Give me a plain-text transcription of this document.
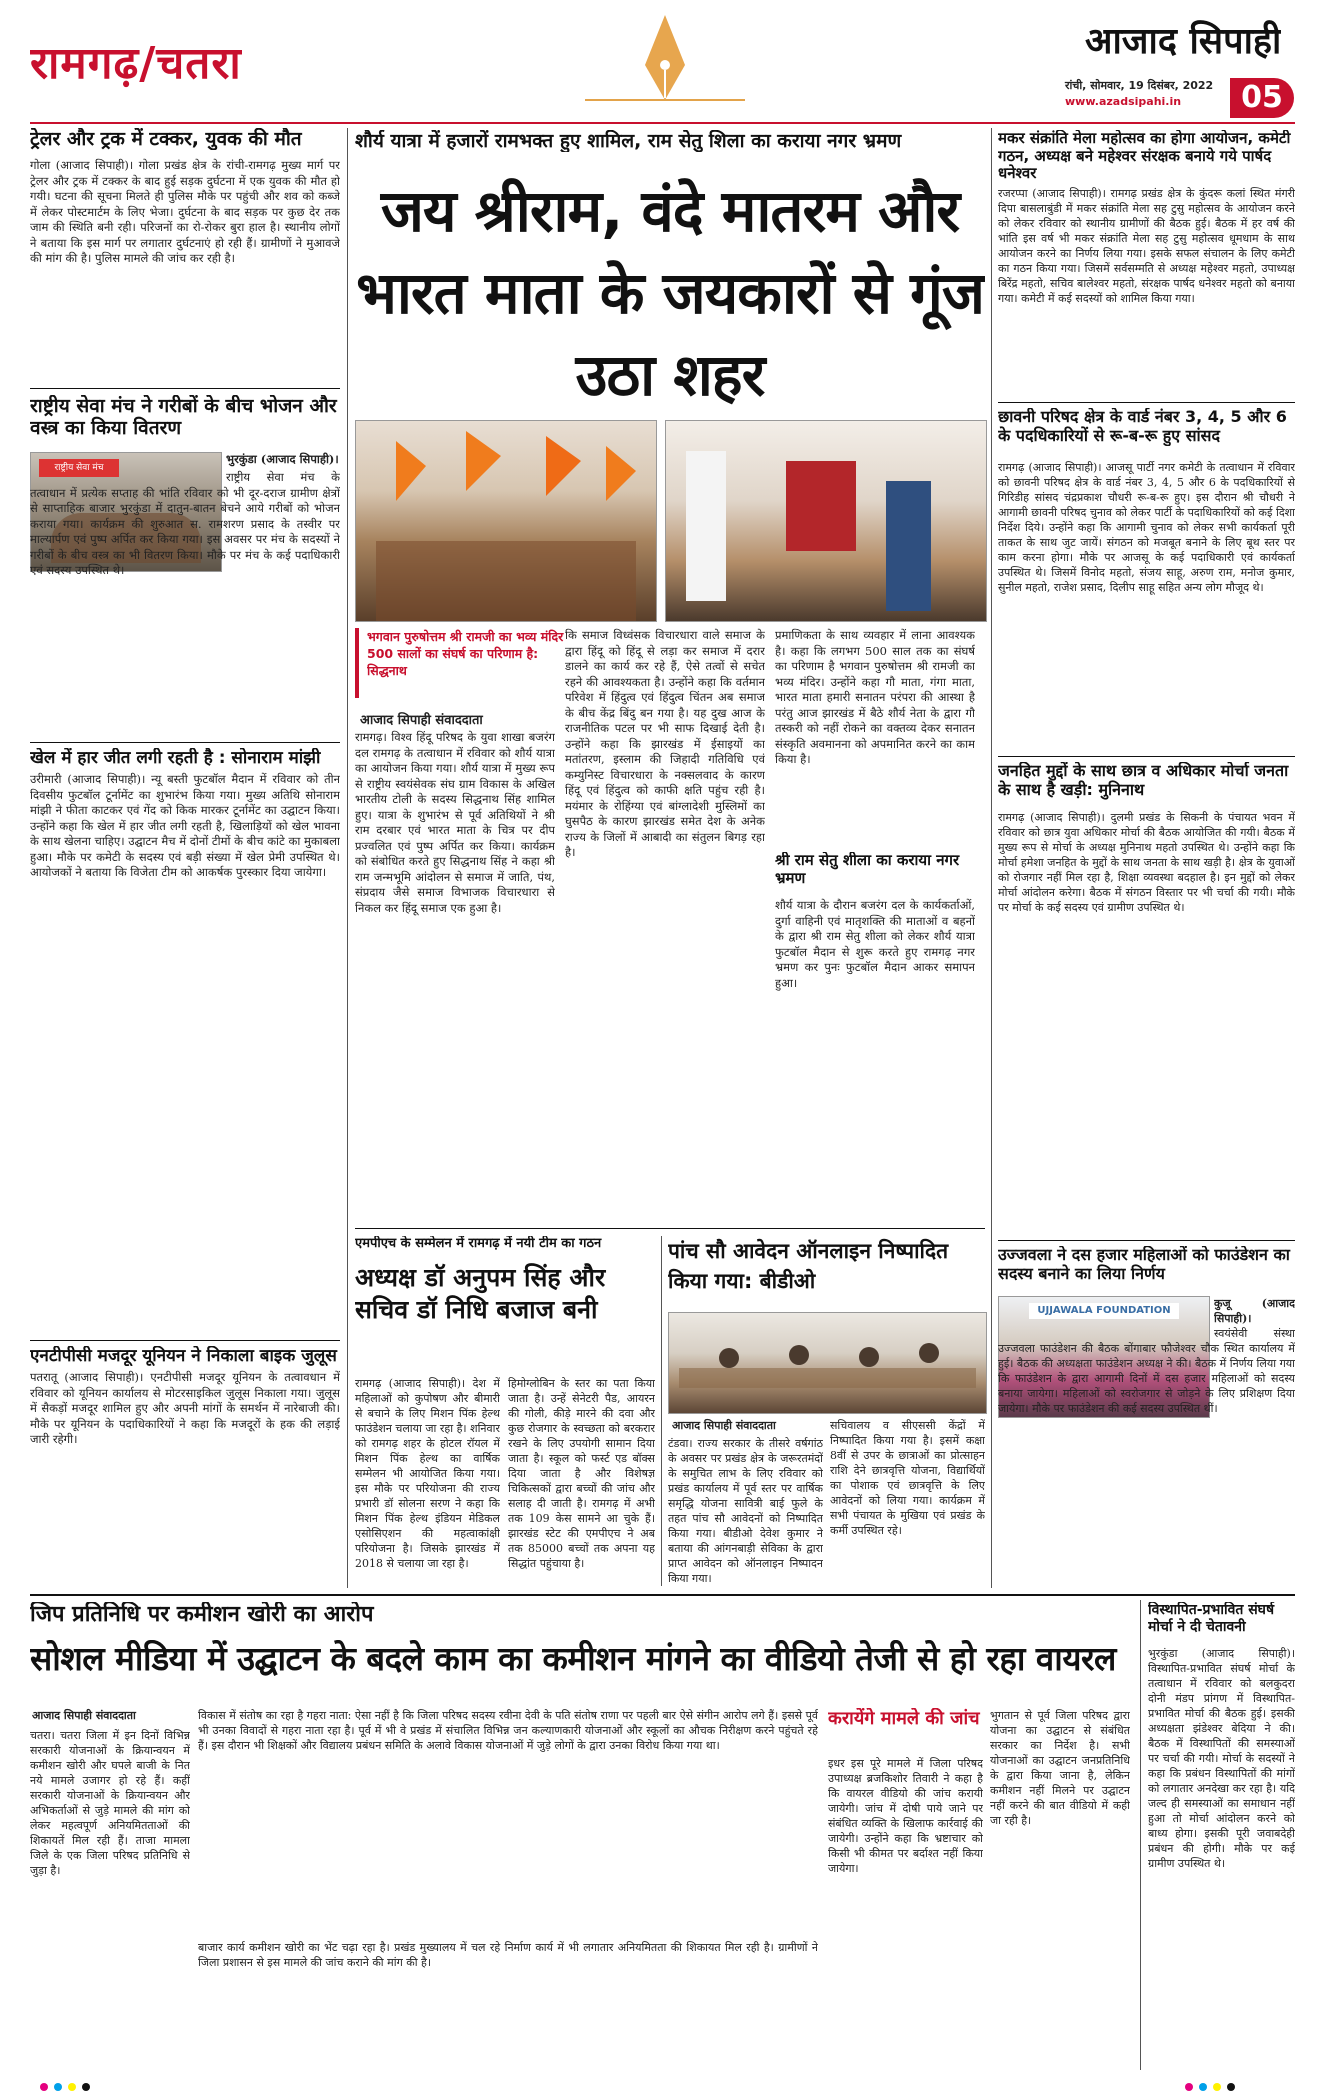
रामगढ़/चतरा	आजाद सिपाही
रांची, सोमवार, 19 दिसंबर, 2022
www.azadsipahi.in	05
ट्रेलर और ट्रक में टक्कर, युवक की मौत
गोला (आजाद सिपाही)। गोला प्रखंड क्षेत्र के रांची-रामगढ़ मुख्य मार्ग पर ट्रेलर और ट्रक में टक्कर के बाद हुई सड़क दुर्घटना में एक युवक की मौत हो गयी। घटना की सूचना मिलते ही पुलिस मौके पर पहुंची और शव को कब्जे में लेकर पोस्टमार्टम के लिए भेजा। दुर्घटना के बाद सड़क पर कुछ देर तक जाम की स्थिति बनी रही। परिजनों का रो-रोकर बुरा हाल है। स्थानीय लोगों ने बताया कि इस मार्ग पर लगातार दुर्घटनाएं हो रही हैं। ग्रामीणों ने मुआवजे की मांग की है। पुलिस मामले की जांच कर रही है।
राष्ट्रीय सेवा मंच ने गरीबों के बीच भोजन और वस्त्र का किया वितरण
राष्ट्रीय सेवा मंच
भुरकुंडा (आजाद सिपाही)।
राष्ट्रीय सेवा मंच के तत्वाधान में प्रत्येक सप्ताह की भांति रविवार को भी दूर-दराज ग्रामीण क्षेत्रों से साप्ताहिक बाजार भुरकुंडा में दातुन-बातन बेचने आये गरीबों को भोजन कराया गया। कार्यक्रम की शुरुआत स. रामशरण प्रसाद के तस्वीर पर माल्यार्पण एवं पुष्प अर्पित कर किया गया। इस अवसर पर मंच के सदस्यों ने गरीबों के बीच वस्त्र का भी वितरण किया। मौके पर मंच के कई पदाधिकारी एवं सदस्य उपस्थित थे।
खेल में हार जीत लगी रहती है : सोनाराम मांझी
उरीमारी (आजाद सिपाही)। न्यू बस्ती फुटबॉल मैदान में रविवार को तीन दिवसीय फुटबॉल टूर्नामेंट का शुभारंभ किया गया। मुख्य अतिथि सोनाराम मांझी ने फीता काटकर एवं गेंद को किक मारकर टूर्नामेंट का उद्घाटन किया। उन्होंने कहा कि खेल में हार जीत लगी रहती है, खिलाड़ियों को खेल भावना के साथ खेलना चाहिए। उद्घाटन मैच में दोनों टीमों के बीच कांटे का मुकाबला हुआ। मौके पर कमेटी के सदस्य एवं बड़ी संख्या में खेल प्रेमी उपस्थित थे। आयोजकों ने बताया कि विजेता टीम को आकर्षक पुरस्कार दिया जायेगा।
एनटीपीसी मजदूर यूनियन ने निकाला बाइक जुलूस
पतरातू (आजाद सिपाही)। एनटीपीसी मजदूर यूनियन के तत्वावधान में रविवार को यूनियन कार्यालय से मोटरसाइकिल जुलूस निकाला गया। जुलूस में सैकड़ों मजदूर शामिल हुए और अपनी मांगों के समर्थन में नारेबाजी की। मौके पर यूनियन के पदाधिकारियों ने कहा कि मजदूरों के हक की लड़ाई जारी रहेगी।
शौर्य यात्रा में हजारों रामभक्त हुए शामिल, राम सेतु शिला का कराया नगर भ्रमण
जय श्रीराम, वंदे मातरम और भारत माता के जयकारों से गूंज उठा शहर
भगवान पुरुषोत्तम श्री रामजी का भव्य मंदिर 500 सालों का संघर्ष का परिणाम है: सिद्धनाथ
आजाद सिपाही संवाददाता
रामगढ़। विश्व हिंदू परिषद के युवा शाखा बजरंग दल रामगढ़ के तत्वाधान में रविवार को शौर्य यात्रा का आयोजन किया गया। शौर्य यात्रा में मुख्य रूप से राष्ट्रीय स्वयंसेवक संघ ग्राम विकास के अखिल भारतीय टोली के सदस्य सिद्धनाथ सिंह शामिल हुए। यात्रा के शुभारंभ से पूर्व अतिथियों ने श्री राम दरबार एवं भारत माता के चित्र पर दीप प्रज्वलित एवं पुष्प अर्पित कर किया। कार्यक्रम को संबोधित करते हुए सिद्धनाथ सिंह ने कहा श्री राम जन्मभूमि आंदोलन से समाज में जाति, पंथ, संप्रदाय जैसे समाज विभाजक विचारधारा से निकल कर हिंदू समाज एक हुआ है।
कि समाज विध्वंसक विचारधारा वाले समाज के द्वारा हिंदू को हिंदू से लड़ा कर समाज में दरार डालने का कार्य कर रहे हैं, ऐसे तत्वों से सचेत रहने की आवश्यकता है। उन्होंने कहा कि वर्तमान परिवेश में हिंदुत्व एवं हिंदुत्व चिंतन अब समाज के बीच केंद्र बिंदु बन गया है। यह दुख आज के राजनीतिक पटल पर भी साफ दिखाई देती है। उन्होंने कहा कि झारखंड में ईसाइयों का मतांतरण, इस्लाम की जिहादी गतिविधि एवं कम्युनिस्ट विचारधारा के नक्सलवाद के कारण हिंदू एवं हिंदुत्व को काफी क्षति पहुंच रही है। मयंमार के रोहिंग्या एवं बांग्लादेशी मुस्लिमों का घुसपैठ के कारण झारखंड समेत देश के अनेक राज्य के जिलों में आबादी का संतुलन बिगड़ रहा है।
प्रमाणिकता के साथ व्यवहार में लाना आवश्यक है। कहा कि लगभग 500 साल तक का संघर्ष का परिणाम है भगवान पुरुषोत्तम श्री रामजी का भव्य मंदिर। उन्होंने कहा गौ माता, गंगा माता, भारत माता हमारी सनातन परंपरा की आस्था है परंतु आज झारखंड में बैठे शौर्य नेता के द्वारा गौ तस्करी को नहीं रोकने का वक्तव्य देकर सनातन संस्कृति अवमानना को अपमानित करने का काम किया है।
श्री राम सेतु शीला का कराया नगर भ्रमण
शौर्य यात्रा के दौरान बजरंग दल के कार्यकर्ताओं, दुर्गा वाहिनी एवं मातृशक्ति की माताओं व बहनों के द्वारा श्री राम सेतु शीला को लेकर शौर्य यात्रा फुटबॉल मैदान से शुरू करते हुए रामगढ़ नगर भ्रमण कर पुनः फुटबॉल मैदान आकर समापन हुआ।
एमपीएच के सम्मेलन में रामगढ़ में नयी टीम का गठन
अध्यक्ष डॉ अनुपम सिंह और सचिव डॉ निधि बजाज बनी
रामगढ़ (आजाद सिपाही)। देश में महिलाओं को कुपोषण और बीमारी से बचाने के लिए मिशन पिंक हेल्थ फाउंडेशन चलाया जा रहा है। शनिवार को रामगढ़ शहर के होटल रॉयल में मिशन पिंक हेल्थ का वार्षिक सम्मेलन भी आयोजित किया गया। इस मौके पर परियोजना की राज्य प्रभारी डॉ सोलना सरण ने कहा कि मिशन पिंक हेल्थ इंडियन मेडिकल एसोसिएशन की महत्वाकांक्षी परियोजना है। जिसके झारखंड में 2018 से चलाया जा रहा है।
हिमोग्लोबिन के स्तर का पता किया जाता है। उन्हें सेनेटरी पैड, आयरन की गोली, कीड़े मारने की दवा और कुछ रोजगार के स्वच्छता को बरकरार रखने के लिए उपयोगी सामान दिया जाता है। स्कूल को फर्स्ट एड बॉक्स दिया जाता है और विशेषज्ञ चिकित्सकों द्वारा बच्चों की जांच और सलाह दी जाती है। रामगढ़ में अभी तक 109 केस सामने आ चुके हैं। झारखंड स्टेट की एमपीएच ने अब तक 85000 बच्चों तक अपना यह सिद्धांत पहुंचाया है।
पांच सौ आवेदन ऑनलाइन निष्पादित किया गया: बीडीओ
आजाद सिपाही संवाददाता
टंडवा। राज्य सरकार के तीसरे वर्षगांठ के अवसर पर प्रखंड क्षेत्र के जरूरतमंदों के समुचित लाभ के लिए रविवार को प्रखंड कार्यालय में पूर्व स्तर पर वार्षिक समृद्धि योजना सावित्री बाई फुले के तहत पांच सौ आवेदनों को निष्पादित किया गया। बीडीओ देवेश कुमार ने बताया की आंगनबाड़ी सेविका के द्वारा प्राप्त आवेदन को ऑनलाइन निष्पादन किया गया।
सचिवालय व सीएससी केंद्रों में निष्पादित किया गया है। इसमें कक्षा 8वीं से उपर के छात्राओं का प्रोत्साहन राशि देने छात्रवृत्ति योजना, विद्यार्थियों का पोशाक एवं छात्रवृत्ति के लिए आवेदनों को लिया गया। कार्यक्रम में सभी पंचायत के मुखिया एवं प्रखंड के कर्मी उपस्थित रहे।
मकर संक्रांति मेला महोत्सव का होगा आयोजन, कमेटी गठन, अध्यक्ष बने महेश्वर संरक्षक बनाये गये पार्षद धनेश्वर
रजरप्पा (आजाद सिपाही)। रामगढ़ प्रखंड क्षेत्र के कुंदरू कलां स्थित मंगरी दिपा बासलाबुंडी में मकर संक्रांति मेला सह टुसु महोत्सव के आयोजन करने को लेकर रविवार को स्थानीय ग्रामीणों की बैठक हुई। बैठक में हर वर्ष की भांति इस वर्ष भी मकर संक्रांति मेला सह टुसु महोत्सव धूमधाम के साथ आयोजन करने का निर्णय लिया गया। इसके सफल संचालन के लिए कमेटी का गठन किया गया। जिसमें सर्वसम्मति से अध्यक्ष महेश्वर महतो, उपाध्यक्ष बिरेंद्र महतो, सचिव बालेश्वर महतो, संरक्षक पार्षद धनेश्वर महतो को बनाया गया। कमेटी में कई सदस्यों को शामिल किया गया।
छावनी परिषद क्षेत्र के वार्ड नंबर 3, 4, 5 और 6 के पदधिकारियों से रू-ब-रू हुए सांसद
रामगढ़ (आजाद सिपाही)। आजसू पार्टी नगर कमेटी के तत्वाधान में रविवार को छावनी परिषद क्षेत्र के वार्ड नंबर 3, 4, 5 और 6 के पदधिकारियों से गिरिडीह सांसद चंद्रप्रकाश चौधरी रू-ब-रू हुए। इस दौरान श्री चौधरी ने आगामी छावनी परिषद चुनाव को लेकर पार्टी के पदाधिकारियों को कई दिशा निर्देश दिये। उन्होंने कहा कि आगामी चुनाव को लेकर सभी कार्यकर्ता पूरी ताकत के साथ जुट जायें। संगठन को मजबूत बनाने के लिए बूथ स्तर पर काम करना होगा। मौके पर आजसू के कई पदाधिकारी एवं कार्यकर्ता उपस्थित थे। जिसमें विनोद महतो, संजय साहू, अरुण राम, मनोज कुमार, सुनील महतो, राजेश प्रसाद, दिलीप साहू सहित अन्य लोग मौजूद थे।
जनहित मुद्दों के साथ छात्र व अधिकार मोर्चा जनता के साथ है खड़ी: मुनिनाथ
रामगढ़ (आजाद सिपाही)। दुलमी प्रखंड के सिकनी के पंचायत भवन में रविवार को छात्र युवा अधिकार मोर्चा की बैठक आयोजित की गयी। बैठक में मुख्य रूप से मोर्चा के अध्यक्ष मुनिनाथ महतो उपस्थित थे। उन्होंने कहा कि मोर्चा हमेशा जनहित के मुद्दों के साथ जनता के साथ खड़ी है। क्षेत्र के युवाओं को रोजगार नहीं मिल रहा है, शिक्षा व्यवस्था बदहाल है। इन मुद्दों को लेकर मोर्चा आंदोलन करेगा। बैठक में संगठन विस्तार पर भी चर्चा की गयी। मौके पर मोर्चा के कई सदस्य एवं ग्रामीण उपस्थित थे।
उज्जवला ने दस हजार महिलाओं को फाउंडेशन का सदस्य बनाने का लिया निर्णय
UJJAWALA FOUNDATION
कुजू (आजाद सिपाही)।
स्वयंसेवी संस्था उज्जवला फाउंडेशन की बैठक बोंगाबार फौजेश्वर चौक स्थित कार्यालय में हुई। बैठक की अध्यक्षता फाउंडेशन अध्यक्ष ने की। बैठक में निर्णय लिया गया कि फाउंडेशन के द्वारा आगामी दिनों में दस हजार महिलाओं को सदस्य बनाया जायेगा। महिलाओं को स्वरोजगार से जोड़ने के लिए प्रशिक्षण दिया जायेगा। मौके पर फाउंडेशन की कई सदस्य उपस्थित थीं।
जिप प्रतिनिधि पर कमीशन खोरी का आरोप
सोशल मीडिया में उद्घाटन के बदले काम का कमीशन मांगने का वीडियो तेजी से हो रहा वायरल
आजाद सिपाही संवाददाता
चतरा। चतरा जिला में इन दिनों विभिन्न सरकारी योजनाओं के क्रियान्वयन में कमीशन खोरी और घपले बाजी के नित नये मामले उजागर हो रहे हैं। कहीं सरकारी योजनाओं के क्रियान्वयन और अभिकर्ताओं से जुड़े मामले की मांग को लेकर महत्वपूर्ण अनियमितताओं की शिकायतें मिल रही हैं। ताजा मामला जिले के एक जिला परिषद प्रतिनिधि से जुड़ा है।
विकास में संतोष का रहा है गहरा नाता: ऐसा नहीं है कि जिला परिषद सदस्य रवीना देवी के पति संतोष राणा पर पहली बार ऐसे संगीन आरोप लगे हैं। इससे पूर्व भी उनका विवादों से गहरा नाता रहा है। पूर्व में भी वे प्रखंड में संचालित विभिन्न जन कल्याणकारी योजनाओं और स्कूलों का औचक निरीक्षण करने पहुंचते रहे हैं। इस दौरान भी शिक्षकों और विद्यालय प्रबंधन समिति के अलावे विकास योजनाओं में जुड़े लोगों के द्वारा उनका विरोध किया गया था।
बाजार कार्य कमीशन खोरी का भेंट चढ़ा रहा है। प्रखंड मुख्यालय में चल रहे निर्माण कार्य में भी लगातार अनियमितता की शिकायत मिल रही है। ग्रामीणों ने जिला प्रशासन से इस मामले की जांच कराने की मांग की है।
करायेंगे मामले की जांच
इधर इस पूरे मामले में जिला परिषद उपाध्यक्ष ब्रजकिशोर तिवारी ने कहा है कि वायरल वीडियो की जांच करायी जायेगी। जांच में दोषी पाये जाने पर संबंधित व्यक्ति के खिलाफ कार्रवाई की जायेगी। उन्होंने कहा कि भ्रष्टाचार को किसी भी कीमत पर बर्दाश्त नहीं किया जायेगा।
भुगतान से पूर्व जिला परिषद द्वारा योजना का उद्घाटन से संबंधित सरकार का निर्देश है। सभी योजनाओं का उद्घाटन जनप्रतिनिधि के द्वारा किया जाना है, लेकिन कमीशन नहीं मिलने पर उद्घाटन नहीं करने की बात वीडियो में कही जा रही है।
विस्थापित-प्रभावित संघर्ष मोर्चा ने दी चेतावनी
भुरकुंडा (आजाद सिपाही)। विस्थापित-प्रभावित संघर्ष मोर्चा के तत्वाधान में रविवार को बलकुदरा दोनी मंडप प्रांगण में विस्थापित-प्रभावित मोर्चा की बैठक हुई। इसकी अध्यक्षता झंडेश्वर बेदिया ने की। बैठक में विस्थापितों की समस्याओं पर चर्चा की गयी। मोर्चा के सदस्यों ने कहा कि प्रबंधन विस्थापितों की मांगों को लगातार अनदेखा कर रहा है। यदि जल्द ही समस्याओं का समाधान नहीं हुआ तो मोर्चा आंदोलन करने को बाध्य होगा। इसकी पूरी जवाबदेही प्रबंधन की होगी। मौके पर कई ग्रामीण उपस्थित थे।
